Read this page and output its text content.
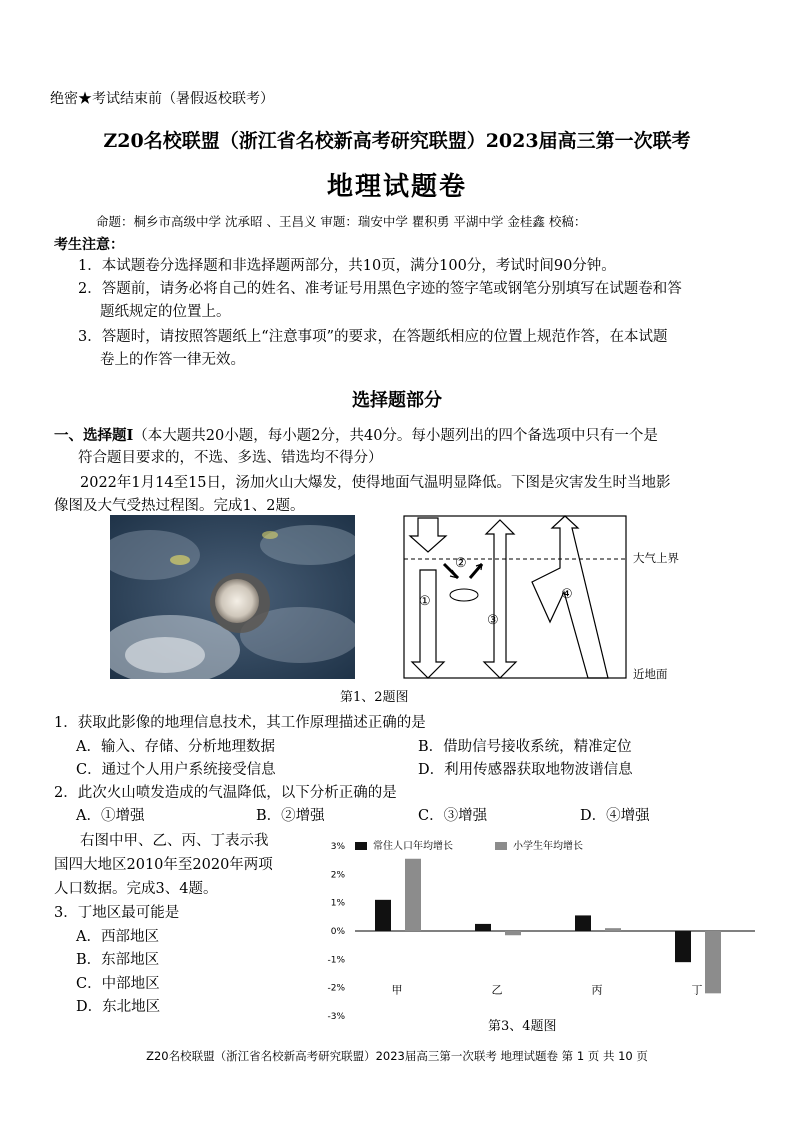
绝密★考试结束前（暑假返校联考）
Z20名校联盟（浙江省名校新高考研究联盟）2023届高三第一次联考
地理试题卷
命题：桐乡市高级中学 沈承昭 、王昌义 审题：瑞安中学 瞿积勇 平湖中学 金桂鑫 校稿：
考生注意：
1．本试题卷分选择题和非选择题两部分，共10页，满分100分，考试时间90分钟。
2．答题前，请务必将自己的姓名、准考证号用黑色字迹的签字笔或钢笔分别填写在试题卷和答
题纸规定的位置上。
3．答题时，请按照答题纸上“注意事项”的要求，在答题纸相应的位置上规范作答，在本试题
卷上的作答一律无效。
选择题部分
一、选择题Ⅰ（本大题共20小题，每小题2分，共40分。每小题列出的四个备选项中只有一个是
符合题目要求的，不选、多选、错选均不得分）
2022年1月14至15日，汤加火山大爆发，使得地面气温明显降低。下图是灾害发生时当地影
像图及大气受热过程图。完成1、2题。
①
②
③
④
大气上界
近地面
第1、2题图
1．获取此影像的地理信息技术，其工作原理描述正确的是
A．输入、存储、分析地理数据	B．借助信号接收系统，精准定位
C．通过个人用户系统接受信息	D．利用传感器获取地物波谱信息
2．此次火山喷发造成的气温降低，以下分析正确的是
A．①增强	B．②增强	C．③增强	D．④增强
右图中甲、乙、丙、丁表示我
国四大地区2010年至2020年两项
人口数据。完成3、4题。
3．丁地区最可能是
A．西部地区
B．东部地区
C．中部地区
D．东北地区
3%
2%
1%
0%
-1%
-2%
-3%
甲	乙	丙	丁
常住人口年均增长	小学生年均增长
第3、4题图
Z20名校联盟（浙江省名校新高考研究联盟）2023届高三第一次联考 地理试题卷 第 1 页 共 10 页
